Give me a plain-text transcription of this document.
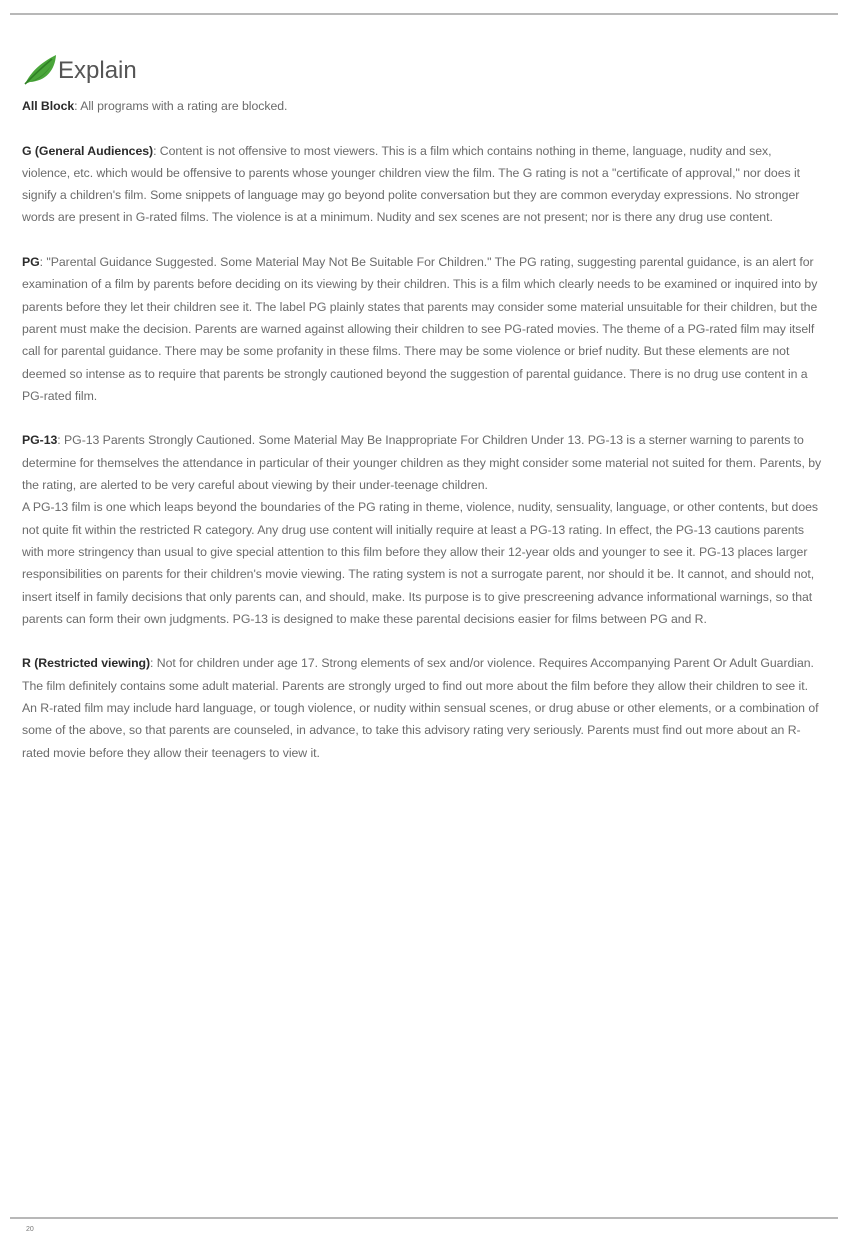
Explain

All Block: All programs with a rating are blocked.

G (General Audiences): Content is not offensive to most viewers. This is a film which contains nothing in theme, language, nudity and sex, violence, etc. which would be offensive to parents whose younger children view the film. The G rating is not a "certificate of approval," nor does it signify a children's film. Some snippets of language may go beyond polite conversation but they are common everyday expressions. No stronger words are present in G-rated films. The violence is at a minimum. Nudity and sex scenes are not present; nor is there any drug use content.

PG: "Parental Guidance Suggested. Some Material May Not Be Suitable For Children." The PG rating, suggesting parental guidance, is an alert for examination of a film by parents before deciding on its viewing by their children. This is a film which clearly needs to be examined or inquired into by parents before they let their children see it. The label PG plainly states that parents may consider some material unsuitable for their children, but the parent must make the decision. Parents are warned against allowing their children to see PG-rated movies. The theme of a PG-rated film may itself call for parental guidance. There may be some profanity in these films. There may be some violence or brief nudity. But these elements are not deemed so intense as to require that parents be strongly cautioned beyond the suggestion of parental guidance. There is no drug use content in a PG-rated film.

PG-13: PG-13 Parents Strongly Cautioned. Some Material May Be Inappropriate For Children Under 13. PG-13 is a sterner warning to parents to determine for themselves the attendance in particular of their younger children as they might consider some material not suited for them. Parents, by the rating, are alerted to be very careful about viewing by their under-teenage children.

A PG-13 film is one which leaps beyond the boundaries of the PG rating in theme, violence, nudity, sensuality, language, or other contents, but does not quite fit within the restricted R category. Any drug use content will initially require at least a PG-13 rating. In effect, the PG-13 cautions parents with more stringency than usual to give special attention to this film before they allow their 12-year olds and younger to see it. PG-13 places larger responsibilities on parents for their children's movie viewing. The rating system is not a surrogate parent, nor should it be. It cannot, and should not, insert itself in family decisions that only parents can, and should, make. Its purpose is to give prescreening advance informational warnings, so that parents can form their own judgments. PG-13 is designed to make these parental decisions easier for films between PG and R.

R (Restricted viewing): Not for children under age 17. Strong elements of sex and/or violence. Requires Accompanying Parent Or Adult Guardian. The film definitely contains some adult material. Parents are strongly urged to find out more about the film before they allow their children to see it.

An R-rated film may include hard language, or tough violence, or nudity within sensual scenes, or drug abuse or other elements, or a combination of some of the above, so that parents are counseled, in advance, to take this advisory rating very seriously. Parents must find out more about an R-rated movie before they allow their teenagers to view it.

20
